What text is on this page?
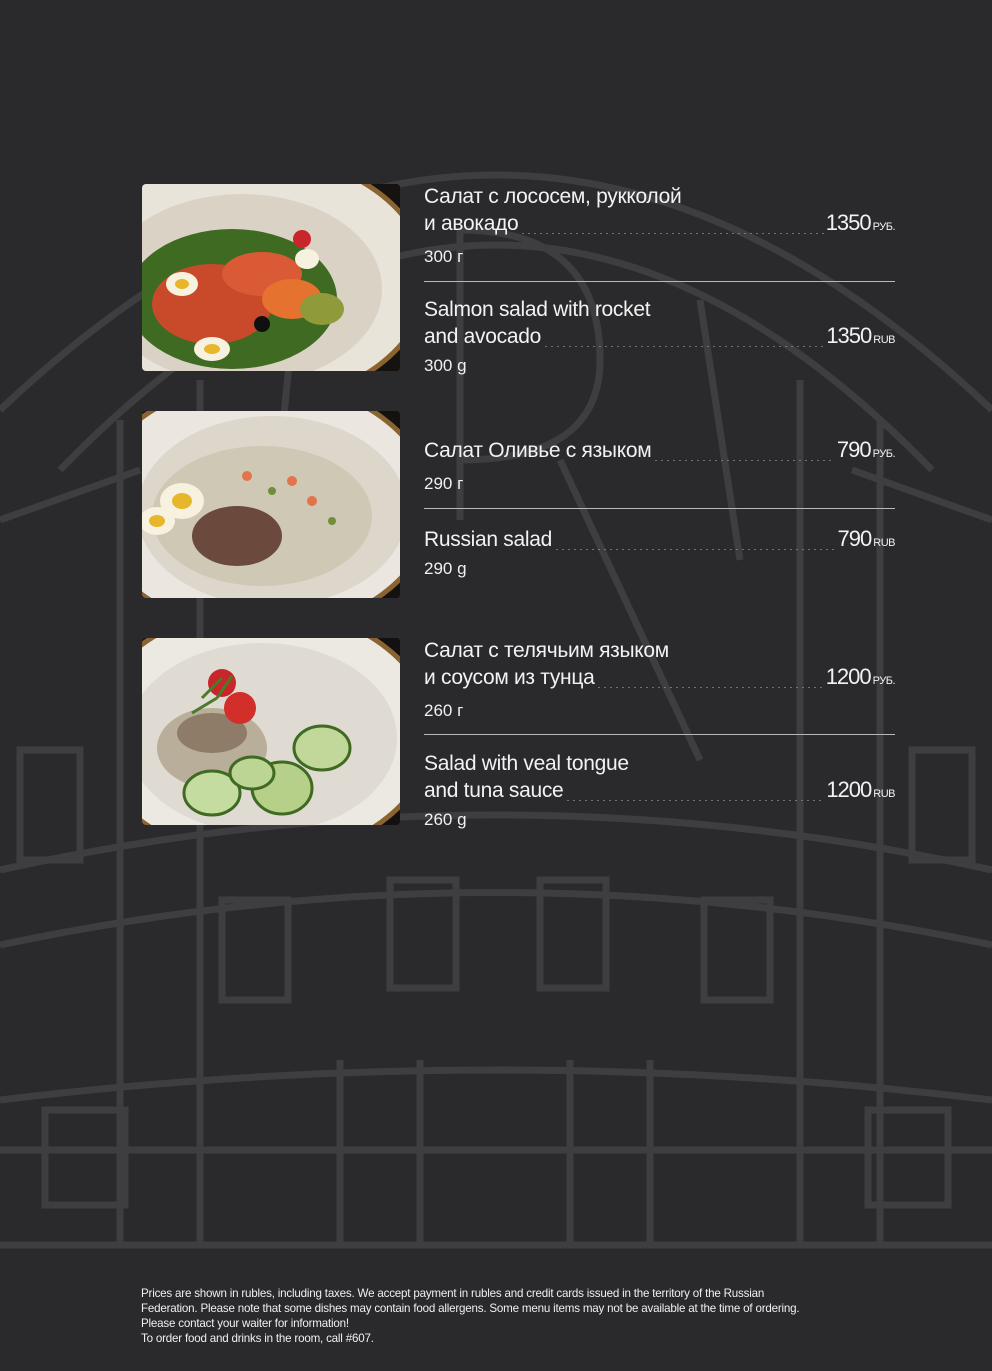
Салат с лососем, рукколой
и авокадо	1350 РУБ.
300 г
Salmon salad with rocket
and avocado	1350 RUB
300 g
Салат Оливье с языком	790 РУБ.
290 г
Russian salad	790 RUB
290 g
Салат с телячьим языком
и соусом из тунца	1200 РУБ.
260 г
Salad with veal tongue
and tuna sauce	1200 RUB
260 g
Prices are shown in rubles, including taxes. We accept payment in rubles and credit cards issued in the territory of the Russian
Federation. Please note that some dishes may contain food allergens. Some menu items may not be available at the time of ordering.
Please contact your waiter for information!
To order food and drinks in the room, call #607.
